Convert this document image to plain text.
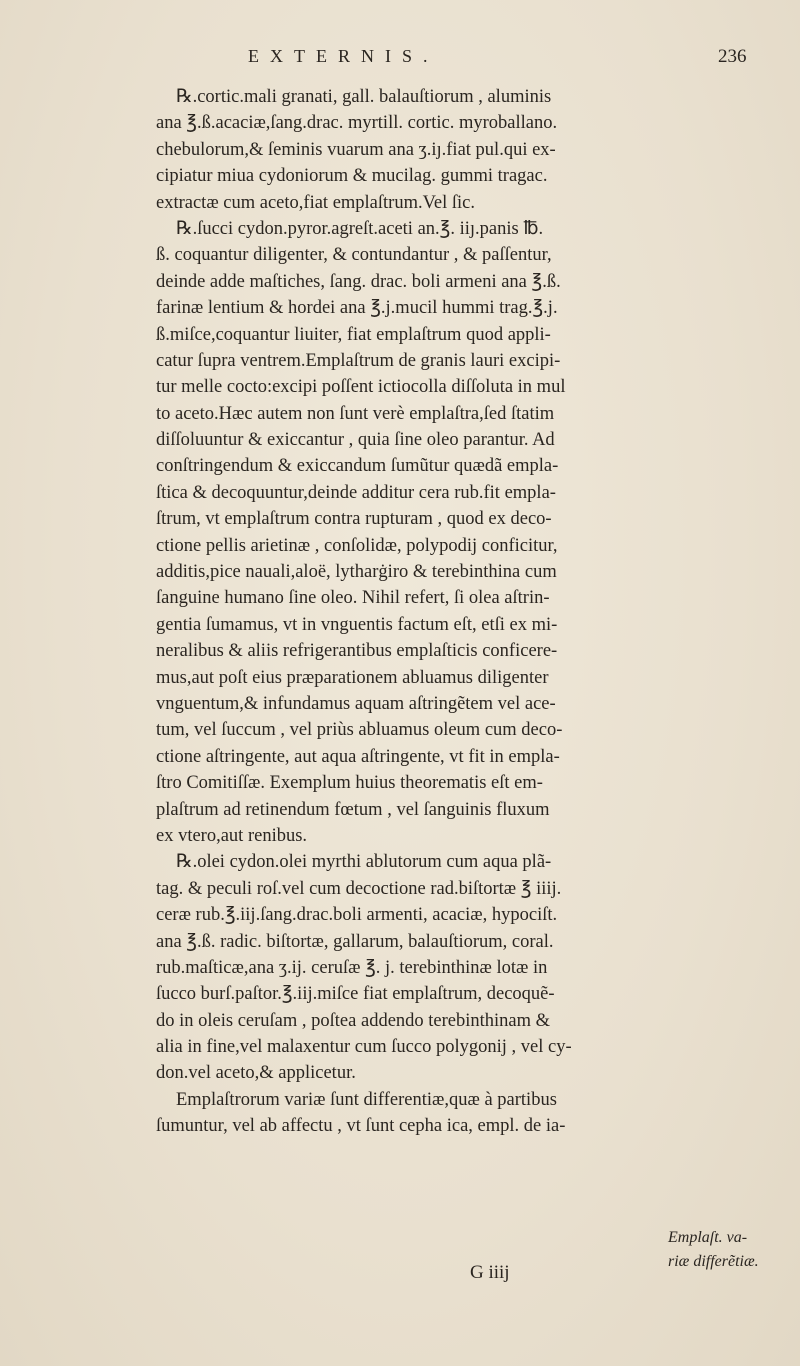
EXTERNIS.	236
℞.cortic.mali granati, gall. balauſtiorum , aluminis
ana ℥.ß.acaciæ,ſang.drac. myrtill. cortic. myroballano.
chebulorum,& ſeminis vuarum ana ʒ.iȷ.fiat pul.qui ex-
cipiatur miua cydoniorum & mucilag. gummi tragac.
extractæ cum aceto,fiat emplaſtrum.Vel ſic.
℞.ſucci cydon.pyror.agreſt.aceti an.℥. iiȷ.panis ℔.
ß. coquantur diligenter, & contundantur , & paſſentur,
deinde adde maſtiches, ſang. drac. boli armeni ana ℥.ß.
farinæ lentium & hordei ana ℥.j.mucil hummi trag.℥.j.
ß.miſce,coquantur liuiter, fiat emplaſtrum quod appli-
catur ſupra ventrem.Emplaſtrum de granis lauri excipi-
tur melle cocto:excipi poſſent ictiocolla diſſoluta in mul
to aceto.Hæc autem non ſunt verè emplaſtra,ſed ſtatim
diſſoluuntur & exiccantur , quia ſine oleo parantur. Ad
conſtringendum & exiccandum ſumũtur quædã empla-
ſtica & decoquuntur,deinde additur cera rub.fit empla-
ſtrum, vt emplaſtrum contra rupturam , quod ex deco-
ctione pellis arietinæ , conſolidæ, polypodij conficitur,
additis,pice nauali,aloë, lytharġiro & terebinthina cum
ſanguine humano ſine oleo. Nihil refert, ſi olea aſtrin-
gentia ſumamus, vt in vnguentis factum eſt, etſi ex mi-
neralibus & aliis refrigerantibus emplaſticis conficere-
mus,aut poſt eius præparationem abluamus diligenter
vnguentum,& infundamus aquam aſtringẽtem vel ace-
tum, vel ſuccum , vel priùs abluamus oleum cum deco-
ctione aſtringente, aut aqua aſtringente, vt fit in empla-
ſtro Comitiſſæ. Exemplum huius theorematis eſt em-
plaſtrum ad retinendum fœtum , vel ſanguinis fluxum
ex vtero,aut renibus.
℞.olei cydon.olei myrthi ablutorum cum aqua plã-
tag. & peculi roſ.vel cum decoctione rad.biſtortæ ℥ iiij.
ceræ rub.℥.iij.ſang.drac.boli armenti, acaciæ, hypociſt.
ana ℥.ß. radic. biſtortæ, gallarum, balauſtiorum, coral.
rub.maſticæ,ana ʒ.ij. ceruſæ ℥. j. terebinthinæ lotæ in
ſucco burſ.paſtor.℥.iij.miſce fiat emplaſtrum, decoquẽ-
do in oleis ceruſam , poſtea addendo terebinthinam &
alia in fine,vel malaxentur cum ſucco polygonij , vel cy-
don.vel aceto,& applicetur.
Emplaſtrorum variæ ſunt differentiæ,quæ à partibus
ſumuntur, vel ab affectu , vt ſunt cepha ica, empl. de ia-
Emplaſt. va-
riæ differẽtiæ.
G iiij
